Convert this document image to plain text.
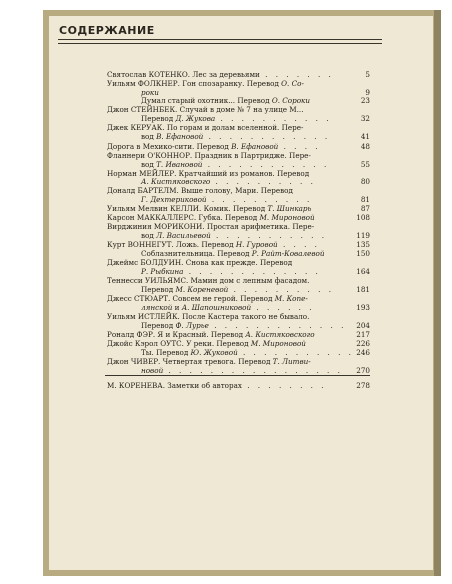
СОДЕРЖАНИЕ
Святослав КОТЕНКО. Лес за деревьями . . . . . . .	5
Уильям ФОЛКНЕР. Гон спозаранку. Перевод О. Со-
роки	9
Думал старый охотник... Перевод О. Сороки	23
Джон СТЕЙНБЕК. Случай в доме № 7 на улице М...
Перевод Д. Жукова . . . . . . . . . . .	32
Джек КЕРУАК. По горам и долам вселенной. Пере-
вод В. Ефановой . . . . . . . . . . . .	41
Дорога в Мехико-сити. Перевод В. Ефановой . . . .	48
Фланнери О'КОННОР. Праздник в Партридже. Пере-
вод Т. Ивановой . . . . . . . . . . . .	55
Норман МЕЙЛЕР. Кратчайший из романов. Перевод
А. Кистяковского . . . . . . . . . .	80
Доналд БАРТЕЛМ. Выше голову, Мари. Перевод
Г. Дехтериковой . . . . . . . . . .	81
Уильям Мелвин КЕЛЛИ. Комик. Перевод Т. Шинкарь	87
Карсон МАККАЛЛЕРС. Губка. Перевод М. Мироновой	108
Вирджиния МОРИКОНИ. Простая арифметика. Пере-
вод Л. Васильевой . . . . . . . . . . .	119
Курт ВОННЕГУТ. Ложь. Перевод Н. Гуровой . . . .	135
Соблазнительница. Перевод Р. Райт-Ковалевой	150
Джеймс БОЛДУИН. Снова как прежде. Перевод
Р. Рыбкина . . . . . . . . . . . . .	164
Теннесси УИЛЬЯМС. Мамин дом с лепным фасадом.
Перевод М. Кореневой . . . . . . . . . .	181
Джесс СТЮАРТ. Совсем не герой. Перевод М. Копе-
лянской и А. Шапошниковой . . . . . .	193
Уильям ИСТЛЕЙК. После Кастера такого не бывало.
Перевод Ф. Лурье . . . . . . . . . . . . .	204
Роналд ФЭР. Я и Красный. Перевод А. Кистяковского	217
Джойс Кэрол ОУТС. У реки. Перевод М. Мироновой	226
Ты. Перевод Ю. Жуковой . . . . . . . . . . . 246
Джон ЧИВЕР. Четвертая тревога. Перевод Т. Литви-
новой . . . . . . . . . . . . . . . . .	270
М. КОРЕНЕВА. Заметки об авторах . . . . . . . .	278
